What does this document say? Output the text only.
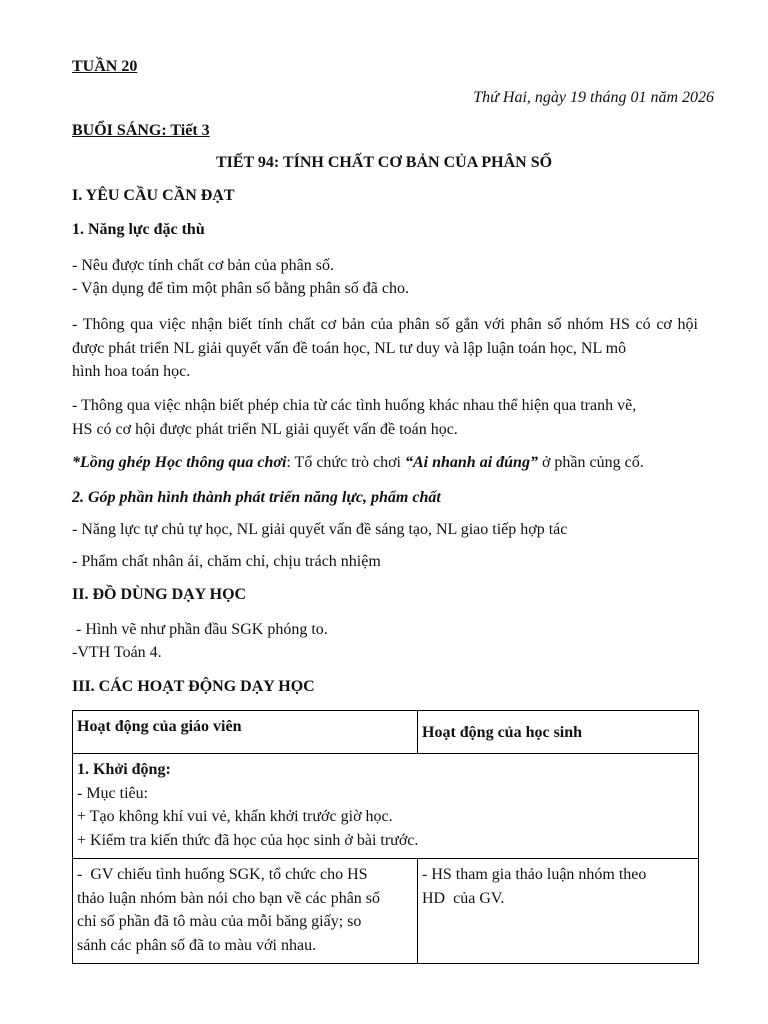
TUẦN 20
Thứ Hai, ngày 19 tháng 01 năm 2026
BUỔI SÁNG: Tiết 3
TIẾT 94: TÍNH CHẤT CƠ BẢN CỦA PHÂN SỐ
I. YÊU CẦU CẦN ĐẠT
1. Năng lực đặc thù
- Nêu được tính chất cơ bản của phân số.
- Vận dụng để tìm một phân số bằng phân số đã cho.
- Thông qua việc nhận biết tính chất cơ bản của phân số gắn với phân số nhóm HS có cơ hội được phát triển NL giải quyết vấn đề toán học, NL tư duy và lập luận toán học, NL mô
hình hoa toán học.
- Thông qua việc nhận biết phép chia từ các tình huống khác nhau thể hiện qua tranh vẽ,
HS có cơ hội được phát triển NL giải quyết vấn đề toán học.
*Lồng ghép Học thông qua chơi: Tổ chức trò chơi “Ai nhanh ai đúng” ở phần củng cố.
2. Góp phần hình thành phát triển năng lực, phẩm chất
- Năng lực tự chủ tự học, NL giải quyết vấn đề sáng tạo, NL giao tiếp hợp tác
- Phẩm chất nhân ái, chăm chỉ, chịu trách nhiệm
II. ĐỒ DÙNG DẠY HỌC
- Hình vẽ như phần đầu SGK phóng to.
-VTH Toán 4.
III. CÁC HOẠT ĐỘNG DẠY HỌC
Hoạt động của giáo viên	Hoạt động của học sinh

1. Khởi động:
- Mục tiêu:
+ Tạo không khí vui vẻ, khấn khởi trước giờ học.
+ Kiểm tra kiến thức đã học của học sinh ở bài trước.	

-  GV chiếu tình huống SGK, tổ chức cho HS
thảo luận nhóm bàn nói cho bạn về các phân số
chỉ số phần đã tô màu của mỗi băng giấy; so
sánh các phân số đã to màu với nhau.	- HS tham gia thảo luận nhóm theo
HD  của GV.
